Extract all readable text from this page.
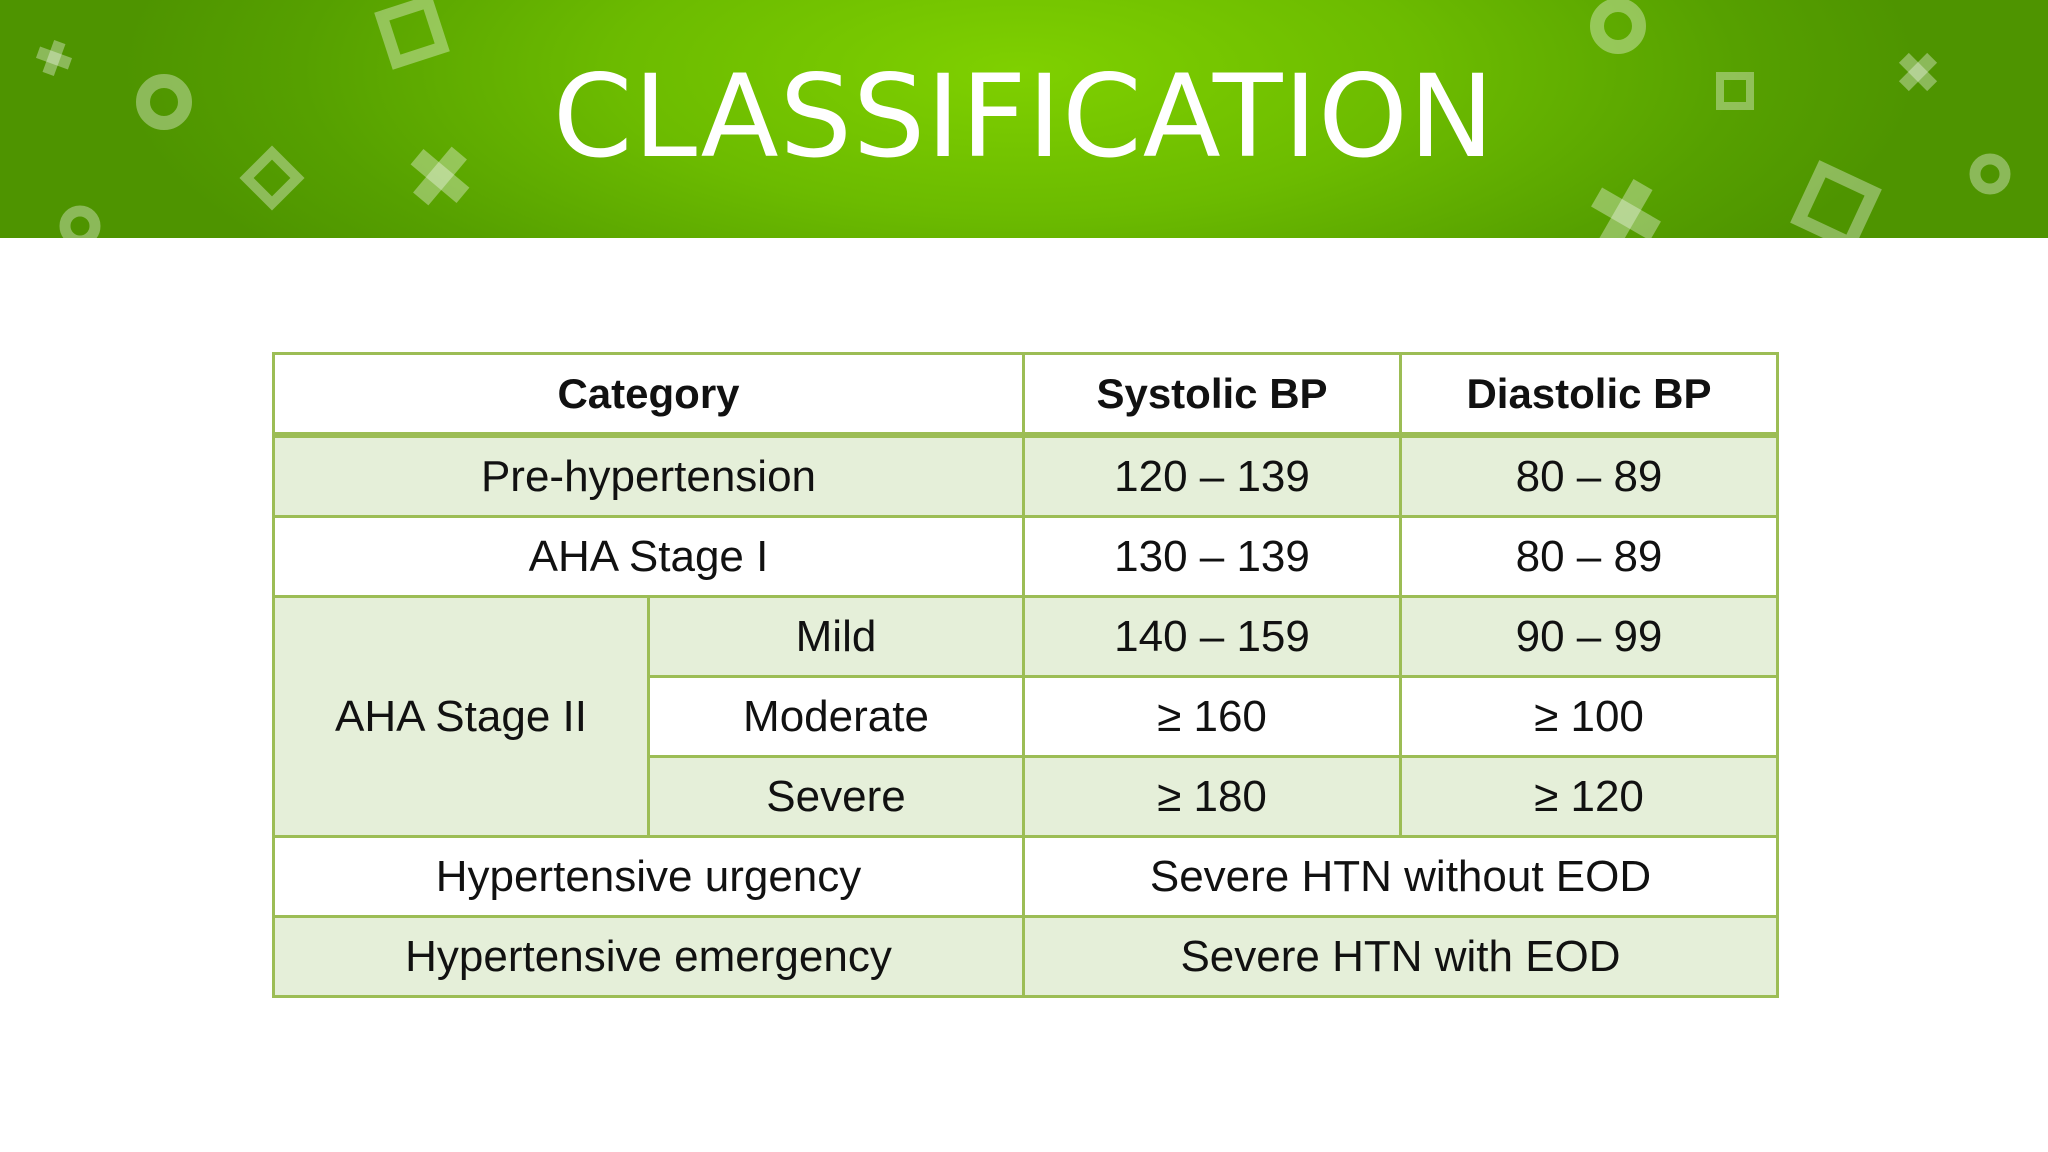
CLASSIFICATION
Category		Systolic BP	Diastolic BP
Pre-hypertension		120 – 139	80 – 89
AHA Stage I		130 – 139	80 – 89
AHA Stage II	Mild	140 – 159	90 – 99
	Moderate	≥ 160	≥ 100
	Severe	≥ 180	≥ 120
Hypertensive urgency		Severe HTN without EOD	
Hypertensive emergency		Severe HTN with EOD	
